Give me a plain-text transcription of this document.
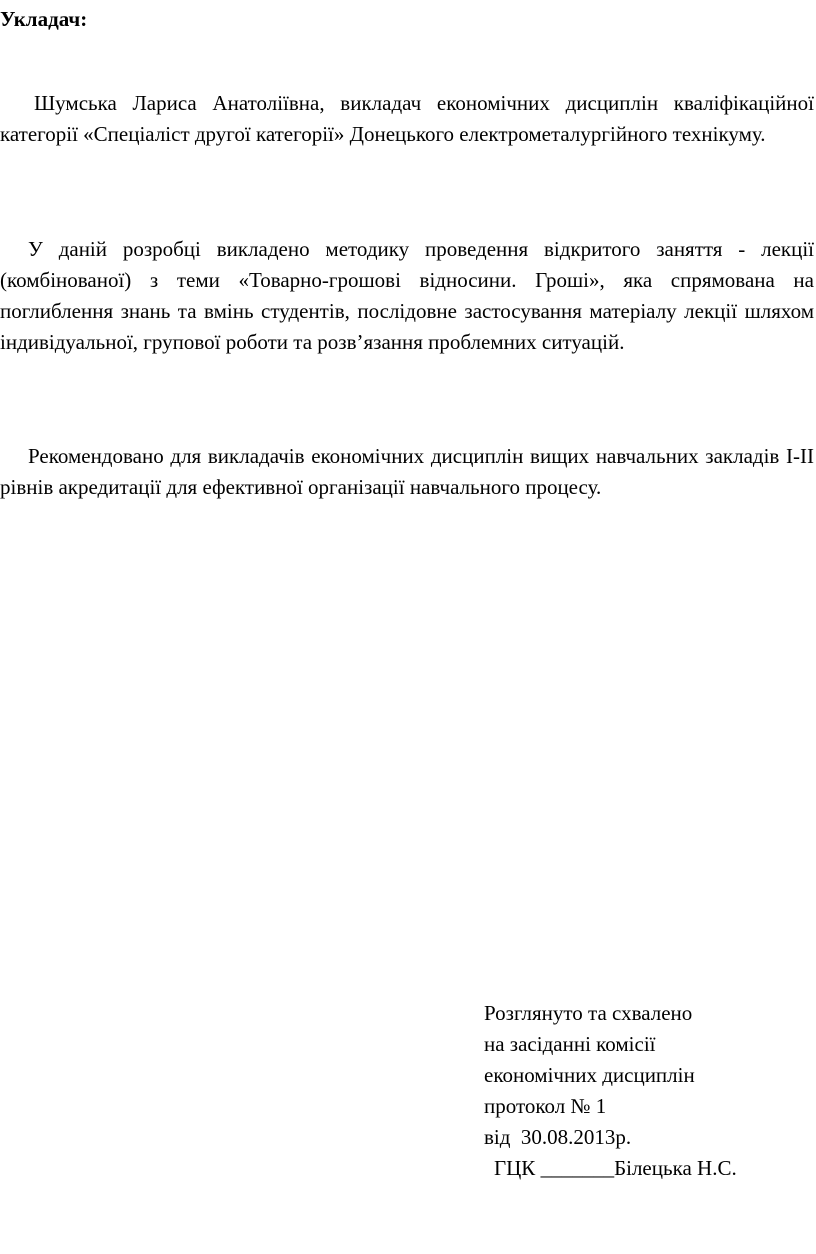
Укладач:

Шумська Лариса Анатоліївна, викладач економічних дисциплін кваліфікаційної категорії «Спеціаліст другої категорії» Донецького електрометалургійного технікуму.

У даній розробці викладено методику проведення відкритого заняття - лекції (комбінованої) з теми «Товарно-грошові відносини. Гроші», яка спрямована на поглиблення знань та вмінь студентів, послідовне застосування матеріалу лекції шляхом індивідуальної, групової роботи та розв’язання проблемних ситуацій.

Рекомендовано для викладачів економічних дисциплін вищих навчальних закладів І-ІІ рівнів акредитації для ефективної організації навчального процесу.

Розглянуто та схвалено
на засіданні комісії
економічних дисциплін
протокол № 1
від  30.08.2013р.
ГЦК _______Білецька Н.С.
